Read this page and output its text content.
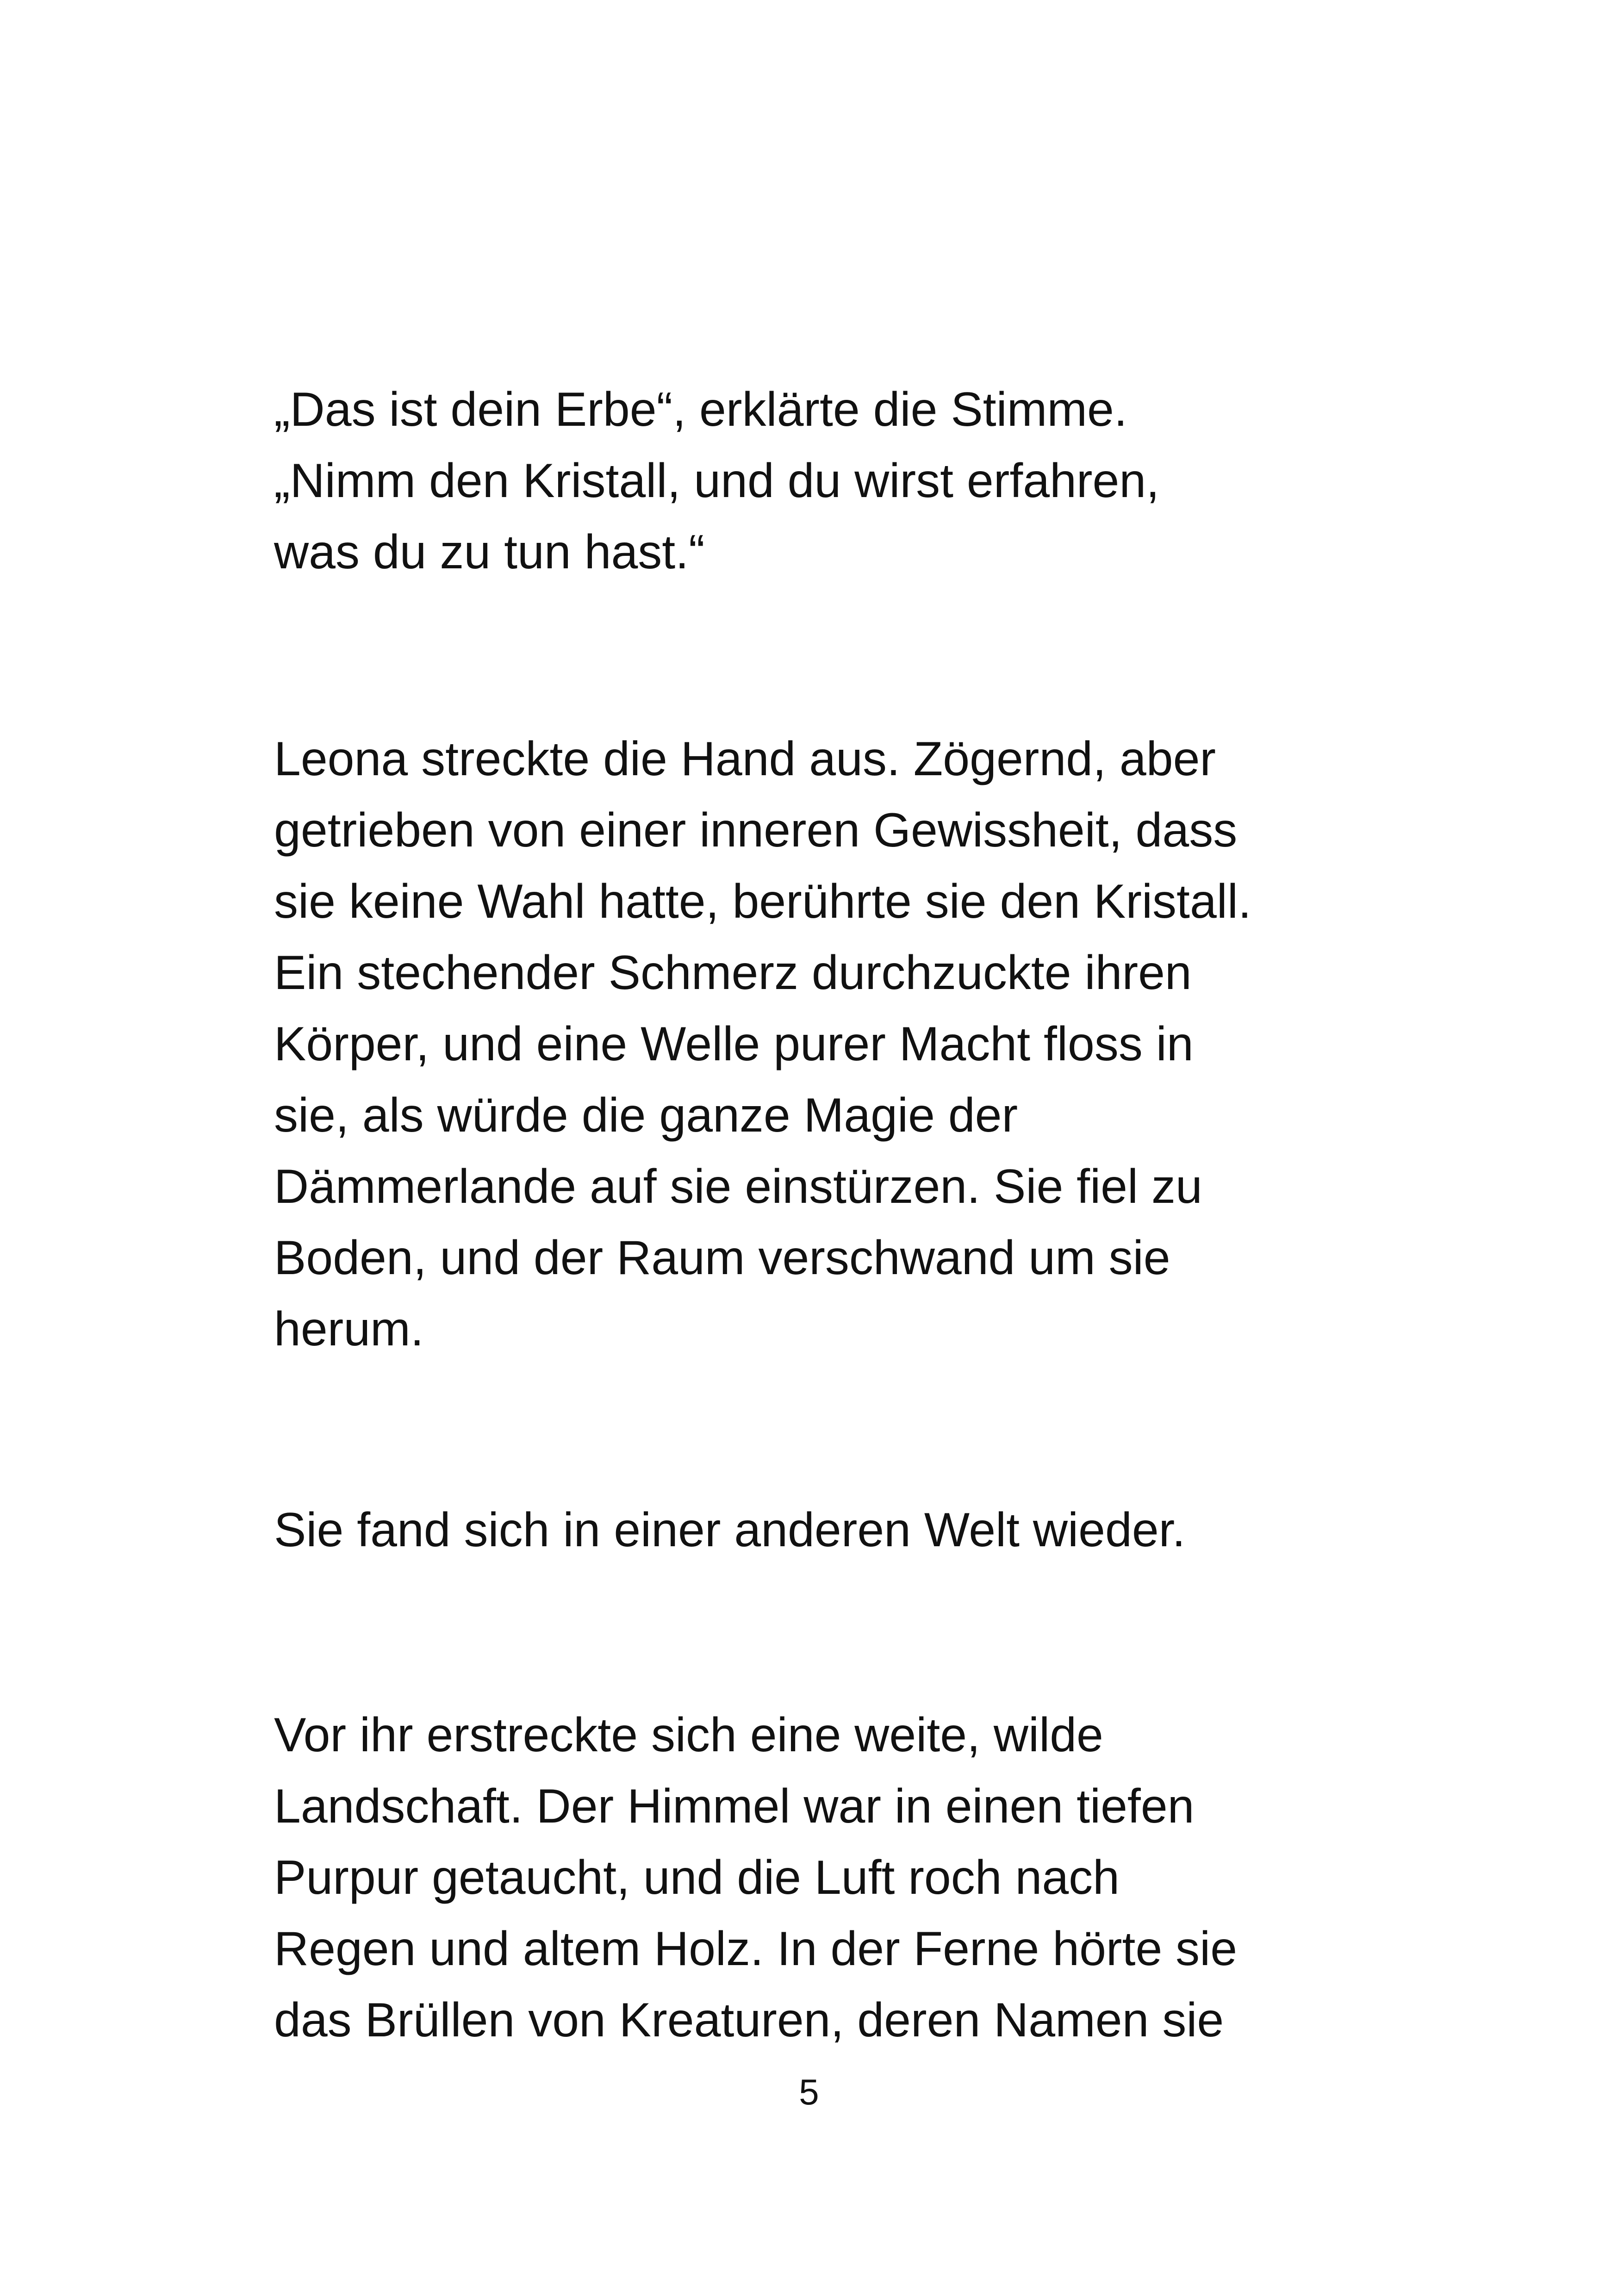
„Das ist dein Erbe“, erklärte die Stimme.
„Nimm den Kristall, und du wirst erfahren,
was du zu tun hast.“
Leona streckte die Hand aus. Zögernd, aber
getrieben von einer inneren Gewissheit, dass
sie keine Wahl hatte, berührte sie den Kristall.
Ein stechender Schmerz durchzuckte ihren
Körper, und eine Welle purer Macht floss in
sie, als würde die ganze Magie der
Dämmerlande auf sie einstürzen. Sie fiel zu
Boden, und der Raum verschwand um sie
herum.
Sie fand sich in einer anderen Welt wieder.
Vor ihr erstreckte sich eine weite, wilde
Landschaft. Der Himmel war in einen tiefen
Purpur getaucht, und die Luft roch nach
Regen und altem Holz. In der Ferne hörte sie
das Brüllen von Kreaturen, deren Namen sie
5
